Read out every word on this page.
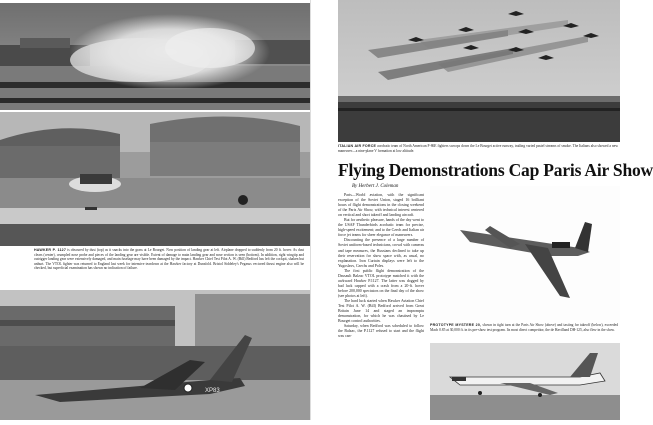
HAWKER P. 1127 is obscured by dust (top) as it snacks into the grass at Le Bourget. Now position of landing gear at left. Airplane dropped to suddenly from 20 ft. hover. As dust clears (center), crumpled nose probe and pieces of the landing gear are visible. Extent of damage to main landing gear and nose section is seen (bottom). In addition, right wingtip and outrigger landing gear were extensively damaged, and main fuselage may have been damaged by the impact. Hawker Chief Test Pilot A. W. (Bill) Bedford has left the cockpit, shaken but unhurt. The VTOL fighter was returned to England last week for intensive teardown at the Hawker factory at Dunsfold. Bristol Siddeley's Pegasus vectored thrust engine also will be checked, but superficial examination has shown no indication of failure.
XP83
ITALIAN AIR FORCE acrobatic team of North American F-86E fighters swoops down the Le Bourget active runway, trailing varied pastel streams of smoke. The Italians also showed a new maneuver—a nine-plane V formation at low altitude.
Flying Demonstrations Cap Paris Air Show
By Herbert J. Coleman

Paris—World aviation, with the significant exception of the Soviet Union, staged 16 brilliant hours of flight demonstrations in the closing weekend of the Paris Air Show, with technical interest centered on vertical and short takeoff and landing aircraft.

But for aesthetic pleasure, hands of the day went to the USAF Thunderbirds acrobatic team for precise, high-speed excitement; and to the Czech and Italian air force jet teams for sheer elegance of maneuvers.

Discounting the presence of a large number of Soviet uniform-based technicians, crowd with cameras and tape measures, the Russians declined to take up their reservation for show space with, as usual, no explanation. Iron Curtain displays were left to the Yugoslavs, Czechs and Poles.

The first public flight demonstration of the Dassault Balzac VTOL prototype matched it with the awkward Hawker P.1127. The latter was dogged by bad luck capped with a crash from a 20-ft. hover before 200,000 spectators on the final day of the show (see photos at left).

The hard luck started when Hawker Aviation Chief Test Pilot A. W. (Bill) Bedford arrived from Great Britain June 14 and staged an impromptu demonstration, for which he was chastised by Le Bourget control authorities.

Saturday, when Bedford was scheduled to follow the Balzac, the P.1127 refused to start and the flight was can-

PROTOTYPE MYSTERE 20, shown in tight turn at the Paris Air Show (above) and taxiing for takeoff (below), exceeded Mach 0.85 at 30,000 ft. in its pre-show test program. Its most direct competitor, the de Havilland DH-125, also flew in the show.
